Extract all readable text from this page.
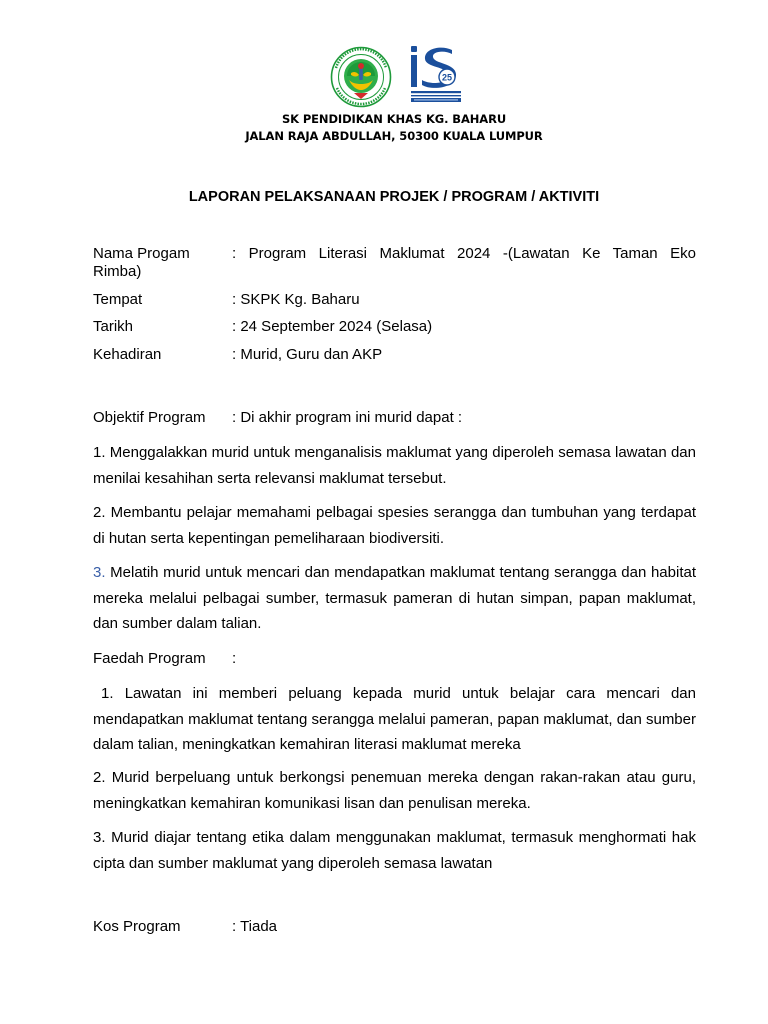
25
SK PENDIDIKAN KHAS KG. BAHARU
JALAN RAJA ABDULLAH, 50300 KUALA LUMPUR
LAPORAN PELAKSANAAN PROJEK / PROGRAM / AKTIVITI
Nama Progam	: Program Literasi Maklumat 2024 -(Lawatan Ke Taman Eko
Rimba)
Tempat	: SKPK Kg. Baharu
Tarikh	: 24 September 2024 (Selasa)
Kehadiran	: Murid, Guru dan AKP
Objektif Program : Di akhir program ini murid dapat :
1. Menggalakkan murid untuk menganalisis maklumat yang diperoleh semasa lawatan dan menilai kesahihan serta relevansi maklumat tersebut.
2. Membantu pelajar memahami pelbagai spesies serangga dan tumbuhan yang terdapat di hutan serta kepentingan pemeliharaan biodiversiti.
3. Melatih murid untuk mencari dan mendapatkan maklumat tentang serangga dan habitat mereka melalui pelbagai sumber, termasuk pameran di hutan simpan, papan maklumat, dan sumber dalam talian.
Faedah Program :
1. Lawatan ini memberi peluang kepada murid untuk belajar cara mencari dan mendapatkan maklumat tentang serangga melalui pameran, papan maklumat, dan sumber dalam talian, meningkatkan kemahiran literasi maklumat mereka
2. Murid berpeluang untuk berkongsi penemuan mereka dengan rakan-rakan atau guru, meningkatkan kemahiran komunikasi lisan dan penulisan mereka.
3. Murid diajar tentang etika dalam menggunakan maklumat, termasuk menghormati hak cipta dan sumber maklumat yang diperoleh semasa lawatan
Kos Program	: Tiada
